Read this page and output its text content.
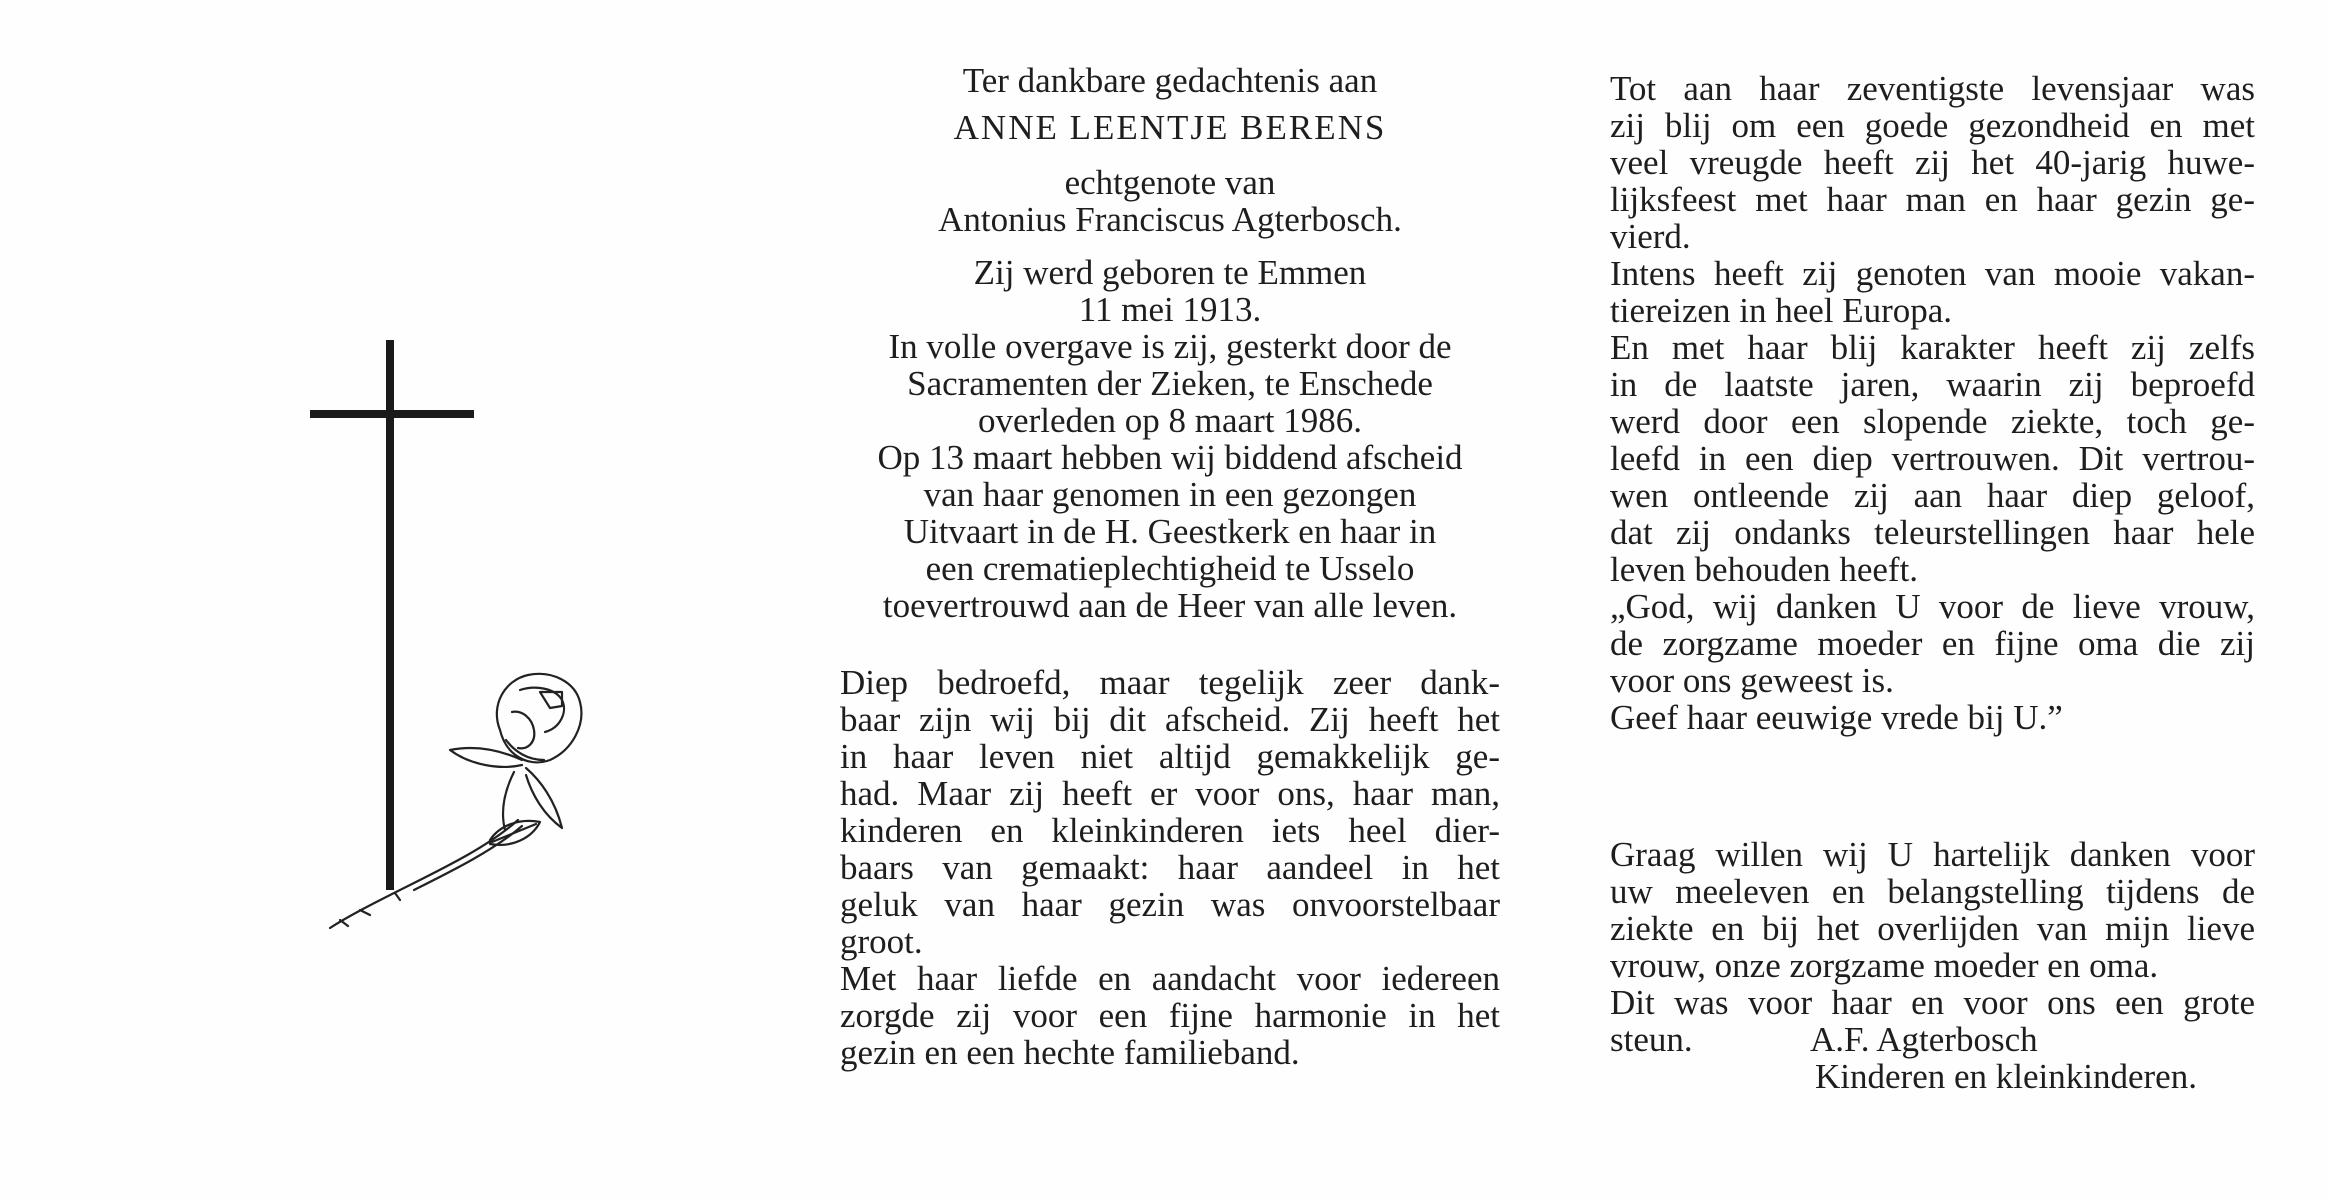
Ter dankbare gedachtenis aan
ANNE LEENTJE BERENS
echtgenote van
Antonius Franciscus Agterbosch.
Zij werd geboren te Emmen
11 mei 1913.
In volle overgave is zij, gesterkt door de
Sacramenten der Zieken, te Enschede
overleden op 8 maart 1986.
Op 13 maart hebben wij biddend afscheid
van haar genomen in een gezongen
Uitvaart in de H. Geestkerk en haar in
een crematieplechtigheid te Usselo
toevertrouwd aan de Heer van alle leven.
Diep bedroefd, maar tegelijk zeer dank-
baar zijn wij bij dit afscheid. Zij heeft het
in haar leven niet altijd gemakkelijk ge-
had. Maar zij heeft er voor ons, haar man,
kinderen en kleinkinderen iets heel dier-
baars van gemaakt: haar aandeel in het
geluk van haar gezin was onvoorstelbaar
groot.
Met haar liefde en aandacht voor iedereen
zorgde zij voor een fijne harmonie in het
gezin en een hechte familieband.
Tot aan haar zeventigste levensjaar was
zij blij om een goede gezondheid en met
veel vreugde heeft zij het 40-jarig huwe-
lijksfeest met haar man en haar gezin ge-
vierd.
Intens heeft zij genoten van mooie vakan-
tiereizen in heel Europa.
En met haar blij karakter heeft zij zelfs
in de laatste jaren, waarin zij beproefd
werd door een slopende ziekte, toch ge-
leefd in een diep vertrouwen. Dit vertrou-
wen ontleende zij aan haar diep geloof,
dat zij ondanks teleurstellingen haar hele
leven behouden heeft.
„God, wij danken U voor de lieve vrouw,
de zorgzame moeder en fijne oma die zij
voor ons geweest is.
Geef haar eeuwige vrede bij U.”
Graag willen wij U hartelijk danken voor
uw meeleven en belangstelling tijdens de
ziekte en bij het overlijden van mijn lieve
vrouw, onze zorgzame moeder en oma.
Dit was voor haar en voor ons een grote
steun.	A.F. Agterbosch
Kinderen en kleinkinderen.
